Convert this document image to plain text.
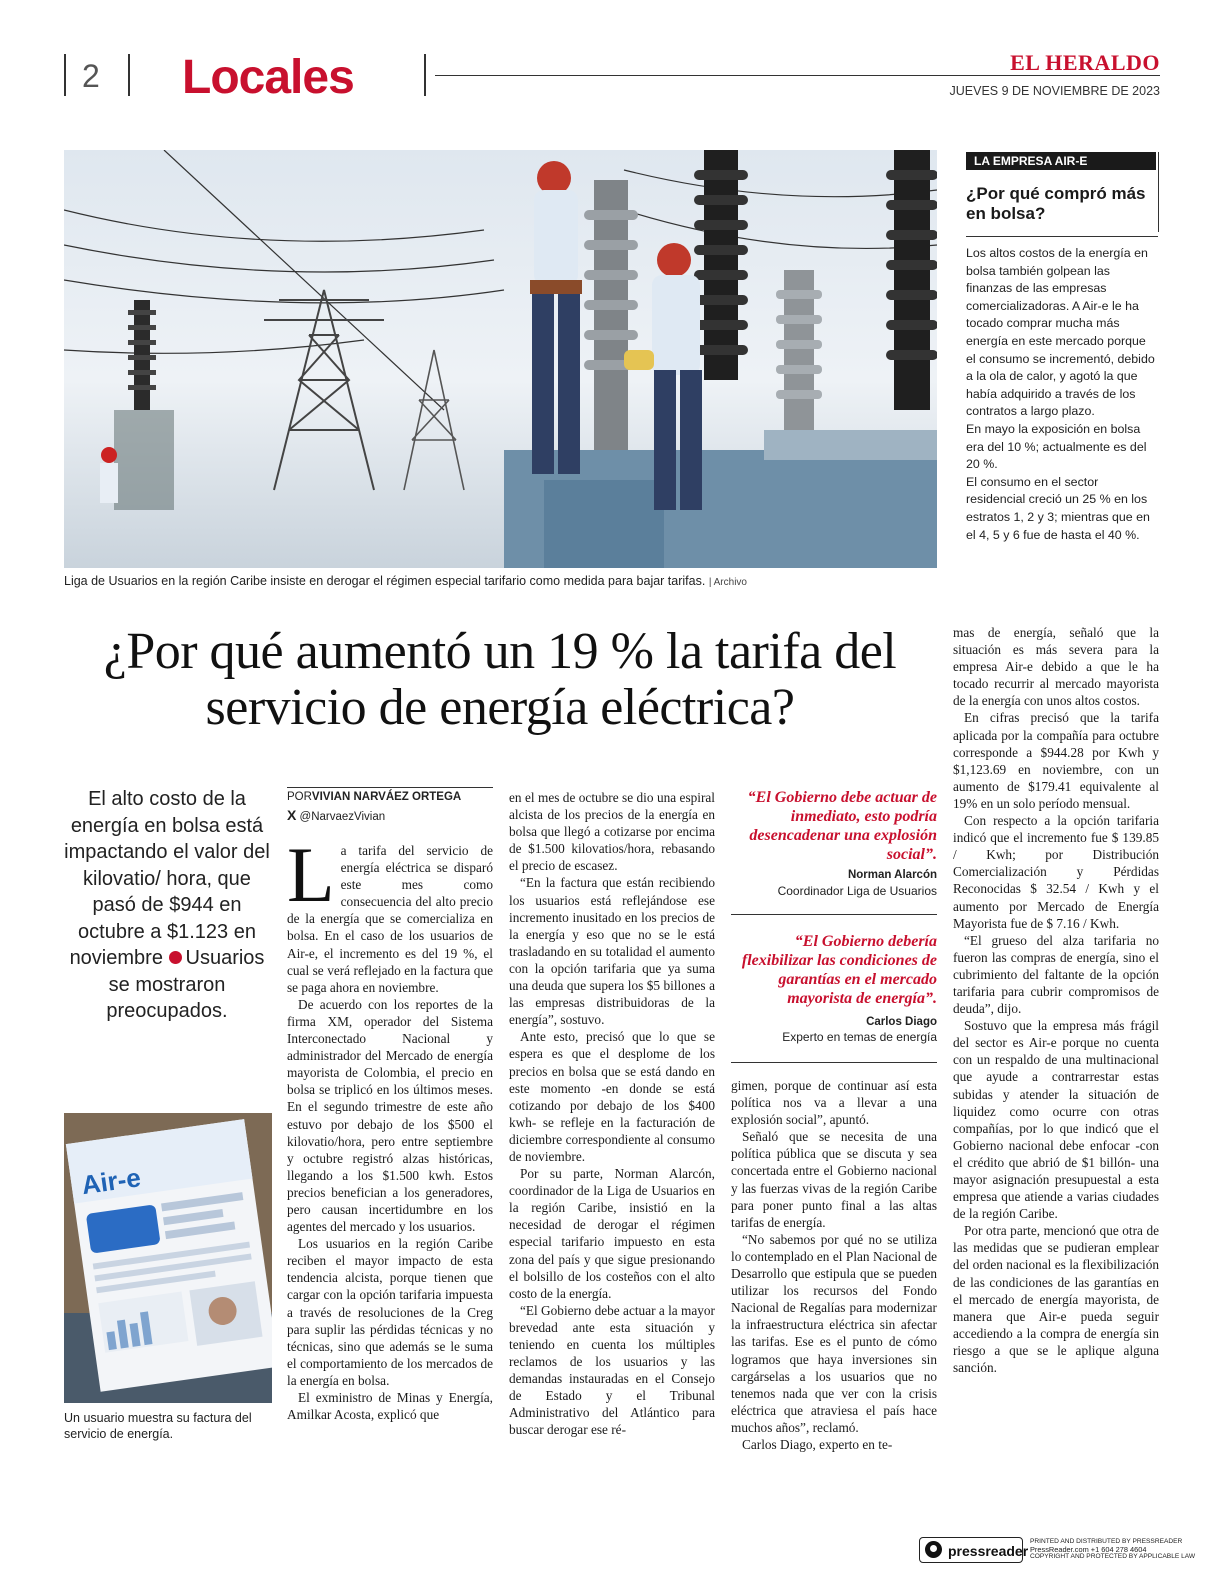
2 Locales	EL HERALDO
JUEVES 9 DE NOVIEMBRE DE 2023
Liga de Usuarios en la región Caribe insiste en derogar el régimen especial tarifario como medida para bajar tarifas. | Archivo
LA EMPRESA AIR-E
¿Por qué compró más en bolsa?

Los altos costos de la energía en bolsa también golpean las finanzas de las empresas comercializadoras. A Air-e le ha tocado comprar mucha más energía en este mercado porque el consumo se incrementó, debido a la ola de calor, y agotó la que había adquirido a través de los contratos a largo plazo.

En mayo la exposición en bolsa era del 10 %; actualmente es del 20 %.

El consumo en el sector residencial creció un 25 % en los estratos 1, 2 y 3; mientras que en el 4, 5 y 6 fue de hasta el 40 %.

¿Por qué aumentó un 19 % la tarifa del servicio de energía eléctrica?
El alto costo de la energía en bolsa está impactando el valor del kilovatio/ hora, que pasó de $944 en octubre a $1.123 en noviembre Usuarios se mostraron preocupados.
Air-e
Un usuario muestra su factura del servicio de energía.
PORVIVIAN NARVÁEZ ORTEGA
X @NarvaezVivian

La tarifa del servicio de energía eléctrica se disparó este mes como consecuencia del alto precio de la energía que se comercializa en bolsa. En el caso de los usuarios de Air-e, el incremento es del 19 %, el cual se verá reflejado en la factura que se paga ahora en noviembre.

De acuerdo con los reportes de la firma XM, operador del Sistema Interconectado Nacional y administrador del Mercado de energía mayorista de Colombia, el precio en bolsa se triplicó en los últimos meses. En el segundo trimestre de este año estuvo por debajo de los $500 el kilovatio/hora, pero entre septiembre y octubre registró alzas históricas, llegando a los $1.500 kwh. Estos precios benefician a los generadores, pero causan incertidumbre en los agentes del mercado y los usuarios.

Los usuarios en la región Caribe reciben el mayor impacto de esta tendencia alcista, porque tienen que cargar con la opción tarifaria impuesta a través de resoluciones de la Creg para suplir las pérdidas técnicas y no técnicas, sino que además se le suma el comportamiento de los mercados de la energía en bolsa.

El exministro de Minas y Energía, Amilkar Acosta, explicó que

en el mes de octubre se dio una espiral alcista de los precios de la energía en bolsa que llegó a cotizarse por encima de $1.500 kilovatios/hora, rebasando el precio de escasez.

“En la factura que están recibiendo los usuarios está reflejándose ese incremento inusitado en los precios de la energía y eso que no se le está trasladando en su totalidad el aumento con la opción tarifaria que ya suma una deuda que supera los $5 billones a las empresas distribuidoras de la energía”, sostuvo.

Ante esto, precisó que lo que se espera es que el desplome de los precios en bolsa que se está dando en este momento -en donde se está cotizando por debajo de los $400 kwh- se refleje en la facturación de diciembre correspondiente al consumo de noviembre.

Por su parte, Norman Alarcón, coordinador de la Liga de Usuarios en la región Caribe, insistió en la necesidad de derogar el régimen especial tarifario impuesto en esta zona del país y que sigue presionando el bolsillo de los costeños con el alto costo de la energía.

“El Gobierno debe actuar a la mayor brevedad ante esta situación y teniendo en cuenta los múltiples reclamos de los usuarios y las demandas instauradas en el Consejo de Estado y el Tribunal Administrativo del Atlántico para buscar derogar ese ré-

“El Gobierno debe actuar de inmediato, esto podría desencadenar una explosión social”.
Norman Alarcón
Coordinador Liga de Usuarios
“El Gobierno debería flexibilizar las condiciones de garantías en el mercado mayorista de energía”.
Carlos Diago
Experto en temas de energía

gimen, porque de continuar así esta política nos va a llevar a una explosión social”, apuntó.

Señaló que se necesita de una política pública que se discuta y sea concertada entre el Gobierno nacional y las fuerzas vivas de la región Caribe para poner punto final a las altas tarifas de energía.

“No sabemos por qué no se utiliza lo contemplado en el Plan Nacional de Desarrollo que estipula que se pueden utilizar los recursos del Fondo Nacional de Regalías para modernizar la infraestructura eléctrica sin afectar las tarifas. Ese es el punto de cómo logramos que haya inversiones sin cargárselas a los usuarios que no tenemos nada que ver con la crisis eléctrica que atraviesa el país hace muchos años”, reclamó.

Carlos Diago, experto en te-

mas de energía, señaló que la situación es más severa para la empresa Air-e debido a que le ha tocado recurrir al mercado mayorista de la energía con unos altos costos.

En cifras precisó que la tarifa aplicada por la compañía para octubre corresponde a $944.28 por Kwh y $1,123.69 en noviembre, con un aumento de $179.41 equivalente al 19% en un solo período mensual.

Con respecto a la opción tarifaria indicó que el incremento fue $ 139.85 / Kwh; por Distribución Comercialización y Pérdidas Reconocidas $ 32.54 / Kwh y el aumento por Mercado de Energía Mayorista fue de $ 7.16 / Kwh.

“El grueso del alza tarifaria no fueron las compras de energía, sino el cubrimiento del faltante de la opción tarifaria para cubrir compromisos de deuda”, dijo.

Sostuvo que la empresa más frágil del sector es Air-e porque no cuenta con un respaldo de una multinacional que ayude a contrarrestar estas subidas y atender la situación de liquidez como ocurre con otras compañías, por lo que indicó que el Gobierno nacional debe enfocar -con el crédito que abrió de $1 billón- una mayor asignación presupuestal a esta empresa que atiende a varias ciudades de la región Caribe.

Por otra parte, mencionó que otra de las medidas que se pudieran emplear del orden nacional es la flexibilización de las condiciones de las garantías en el mercado de energía mayorista, de manera que Air-e pueda seguir accediendo a la compra de energía sin riesgo a que se le aplique alguna sanción.

pressreader
PRINTED AND DISTRIBUTED BY PRESSREADER
PressReader.com +1 604 278 4604
COPYRIGHT AND PROTECTED BY APPLICABLE LAW
